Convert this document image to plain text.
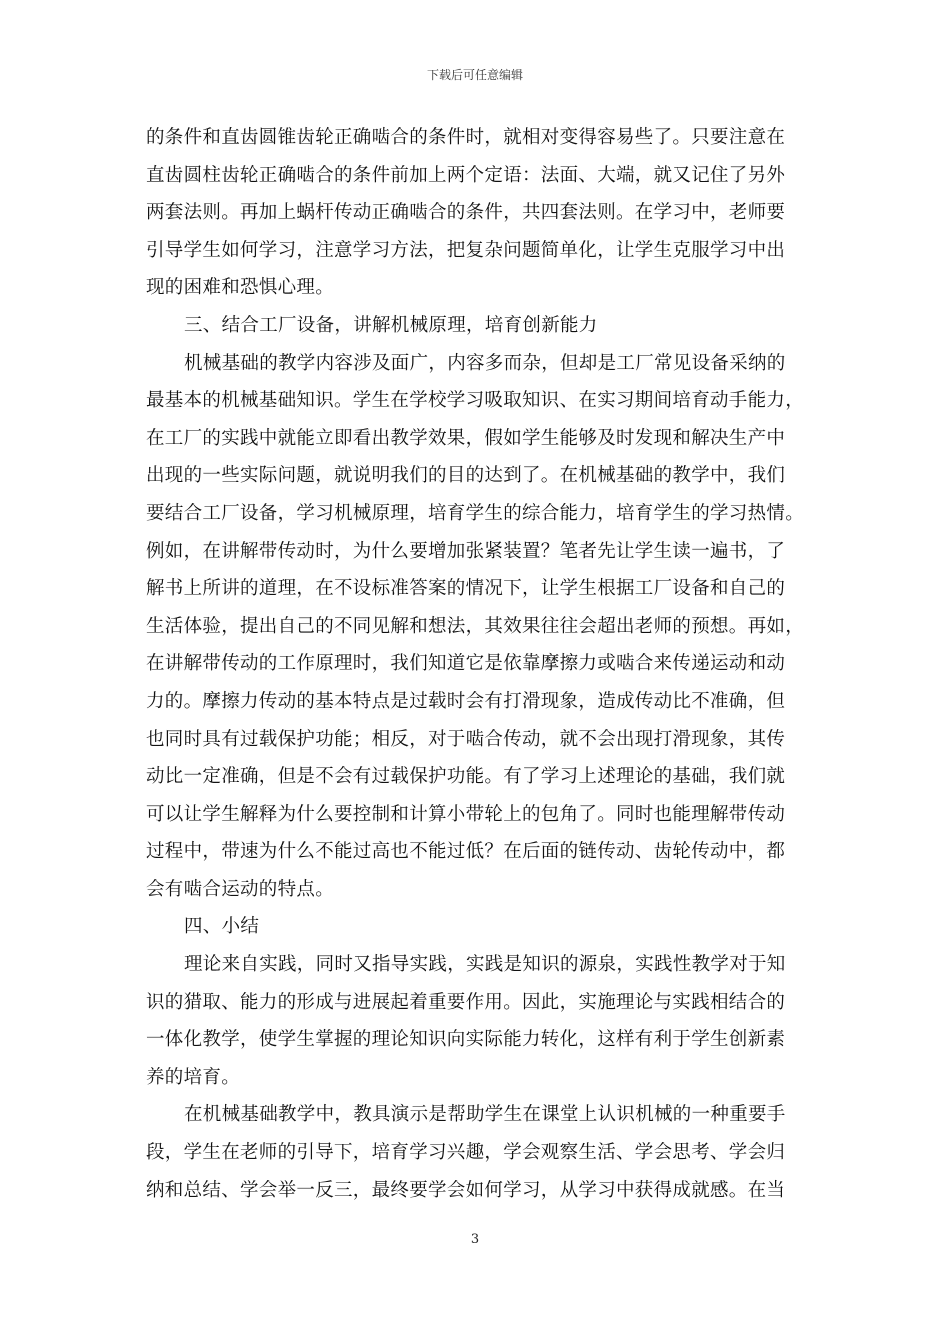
下载后可任意编辑
的条件和直齿圆锥齿轮正确啮合的条件时，就相对变得容易些了。只要注意在
直齿圆柱齿轮正确啮合的条件前加上两个定语：法面、大端，就又记住了另外
两套法则。再加上蜗杆传动正确啮合的条件，共四套法则。在学习中，老师要
引导学生如何学习，注意学习方法，把复杂问题简单化，让学生克服学习中出
现的困难和恐惧心理。
三、结合工厂设备，讲解机械原理，培育创新能力
机械基础的教学内容涉及面广，内容多而杂，但却是工厂常见设备采纳的
最基本的机械基础知识。学生在学校学习吸取知识、在实习期间培育动手能力，
在工厂的实践中就能立即看出教学效果，假如学生能够及时发现和解决生产中
出现的一些实际问题，就说明我们的目的达到了。在机械基础的教学中，我们
要结合工厂设备，学习机械原理，培育学生的综合能力，培育学生的学习热情。
例如，在讲解带传动时，为什么要增加张紧装置？笔者先让学生读一遍书，了
解书上所讲的道理，在不设标准答案的情况下，让学生根据工厂设备和自己的
生活体验，提出自己的不同见解和想法，其效果往往会超出老师的预想。再如，
在讲解带传动的工作原理时，我们知道它是依靠摩擦力或啮合来传递运动和动
力的。摩擦力传动的基本特点是过载时会有打滑现象，造成传动比不准确，但
也同时具有过载保护功能；相反，对于啮合传动，就不会出现打滑现象，其传
动比一定准确，但是不会有过载保护功能。有了学习上述理论的基础，我们就
可以让学生解释为什么要控制和计算小带轮上的包角了。同时也能理解带传动
过程中，带速为什么不能过高也不能过低？在后面的链传动、齿轮传动中，都
会有啮合运动的特点。
四、小结
理论来自实践，同时又指导实践，实践是知识的源泉，实践性教学对于知
识的猎取、能力的形成与进展起着重要作用。因此，实施理论与实践相结合的
一体化教学，使学生掌握的理论知识向实际能力转化，这样有利于学生创新素
养的培育。
在机械基础教学中，教具演示是帮助学生在课堂上认识机械的一种重要手
段，学生在老师的引导下，培育学习兴趣，学会观察生活、学会思考、学会归
纳和总结、学会举一反三，最终要学会如何学习，从学习中获得成就感。在当
3
